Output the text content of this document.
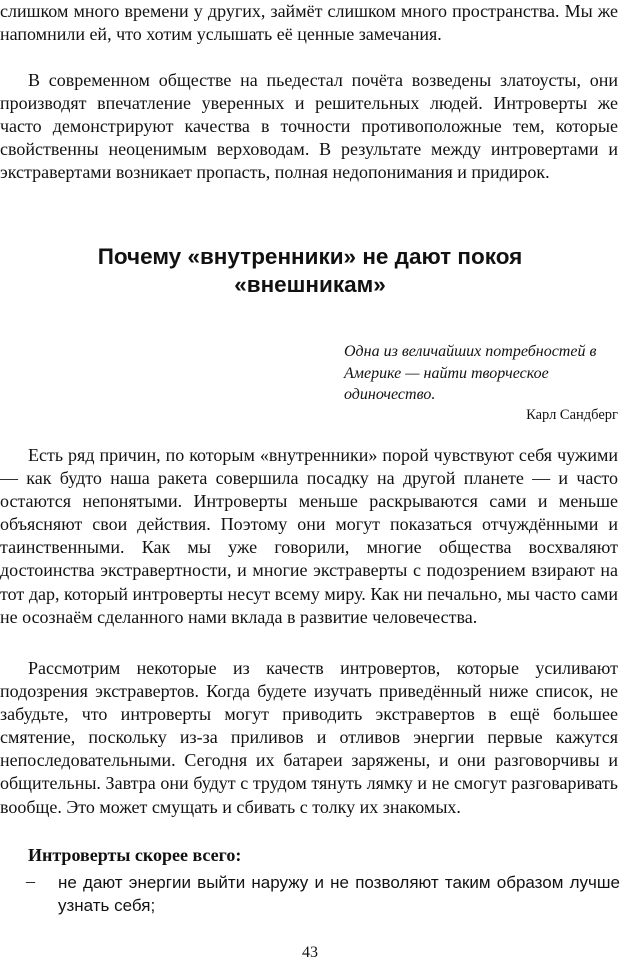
слишком много времени у других, займёт слишком много пространства. Мы же напомнили ей, что хотим услышать её ценные замечания.

В современном обществе на пьедестал почёта возведены златоусты, они производят впечатление уверенных и решительных людей. Интроверты же часто демонстрируют качества в точности противоположные тем, которые свойственны неоценимым верховодам. В результате между интровертами и экстравертами возникает пропасть, полная недопонимания и придирок.

Почему «внутренники» не дают покоя «внешникам»

Одна из величайших потребностей в Америке — найти творческое одиночество.

Карл Сандберг

Есть ряд причин, по которым «внутренники» порой чувствуют себя чужими — как будто наша ракета совершила посадку на другой планете — и часто остаются непонятыми. Интроверты меньше раскрываются сами и меньше объясняют свои действия. Поэтому они могут показаться отчуждёнными и таинственными. Как мы уже говорили, многие общества восхваляют достоинства экстравертности, и многие экстраверты с подозрением взирают на тот дар, который интроверты несут всему миру. Как ни печально, мы часто сами не осознаём сделанного нами вклада в развитие человечества.

Рассмотрим некоторые из качеств интровертов, которые усиливают подозрения экстравертов. Когда будете изучать приведённый ниже список, не забудьте, что интроверты могут приводить экстравертов в ещё большее смятение, поскольку из-за приливов и отливов энергии первые кажутся непоследовательными. Сегодня их батареи заряжены, и они разговорчивы и общительны. Завтра они будут с трудом тянуть лямку и не смогут разговаривать вообще. Это может смущать и сбивать с толку их знакомых.

Интроверты скорее всего:

– не дают энергии выйти наружу и не позволяют таким образом лучше узнать себя;

43
